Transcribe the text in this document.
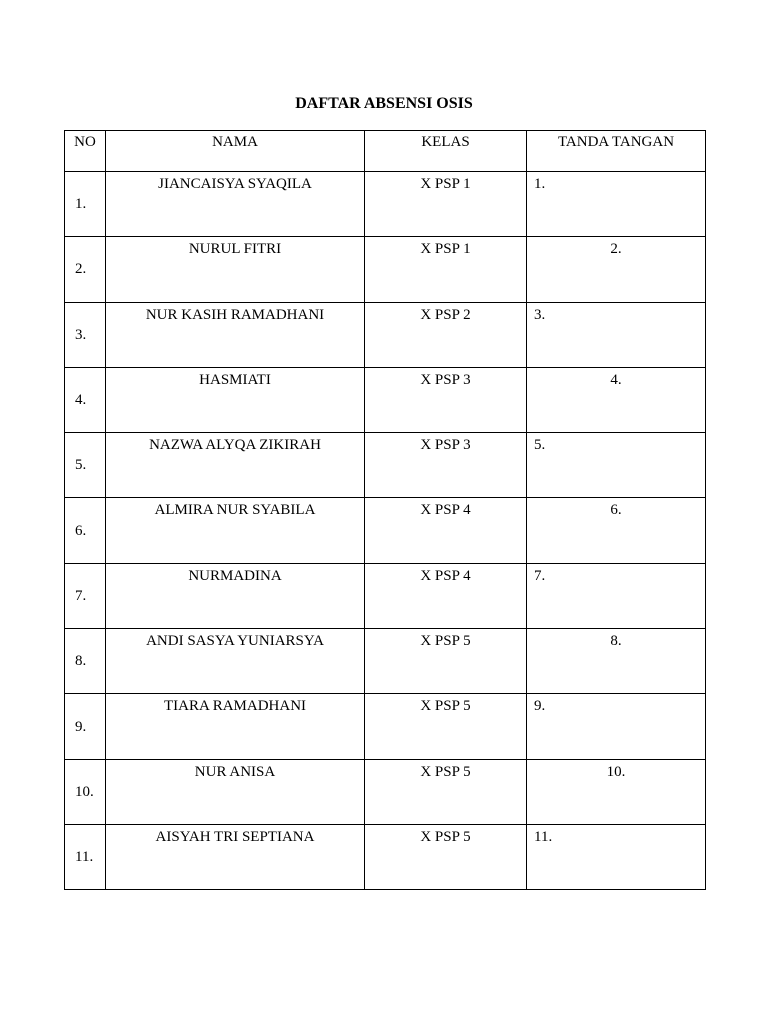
DAFTAR ABSENSI OSIS
NO	NAMA	KELAS	TANDA TANGAN
1.	JIANCAISYA SYAQILA	X PSP 1	1.
2.	NURUL FITRI	X PSP 1	2.
3.	NUR KASIH RAMADHANI	X PSP 2	3.
4.	HASMIATI	X PSP 3	4.
5.	NAZWA ALYQA ZIKIRAH	X PSP 3	5.
6.	ALMIRA NUR SYABILA	X PSP 4	6.
7.	NURMADINA	X PSP 4	7.
8.	ANDI SASYA YUNIARSYA	X PSP 5	8.
9.	TIARA RAMADHANI	X PSP 5	9.
10.	NUR ANISA	X PSP 5	10.
11.	AISYAH TRI SEPTIANA	X PSP 5	11.
